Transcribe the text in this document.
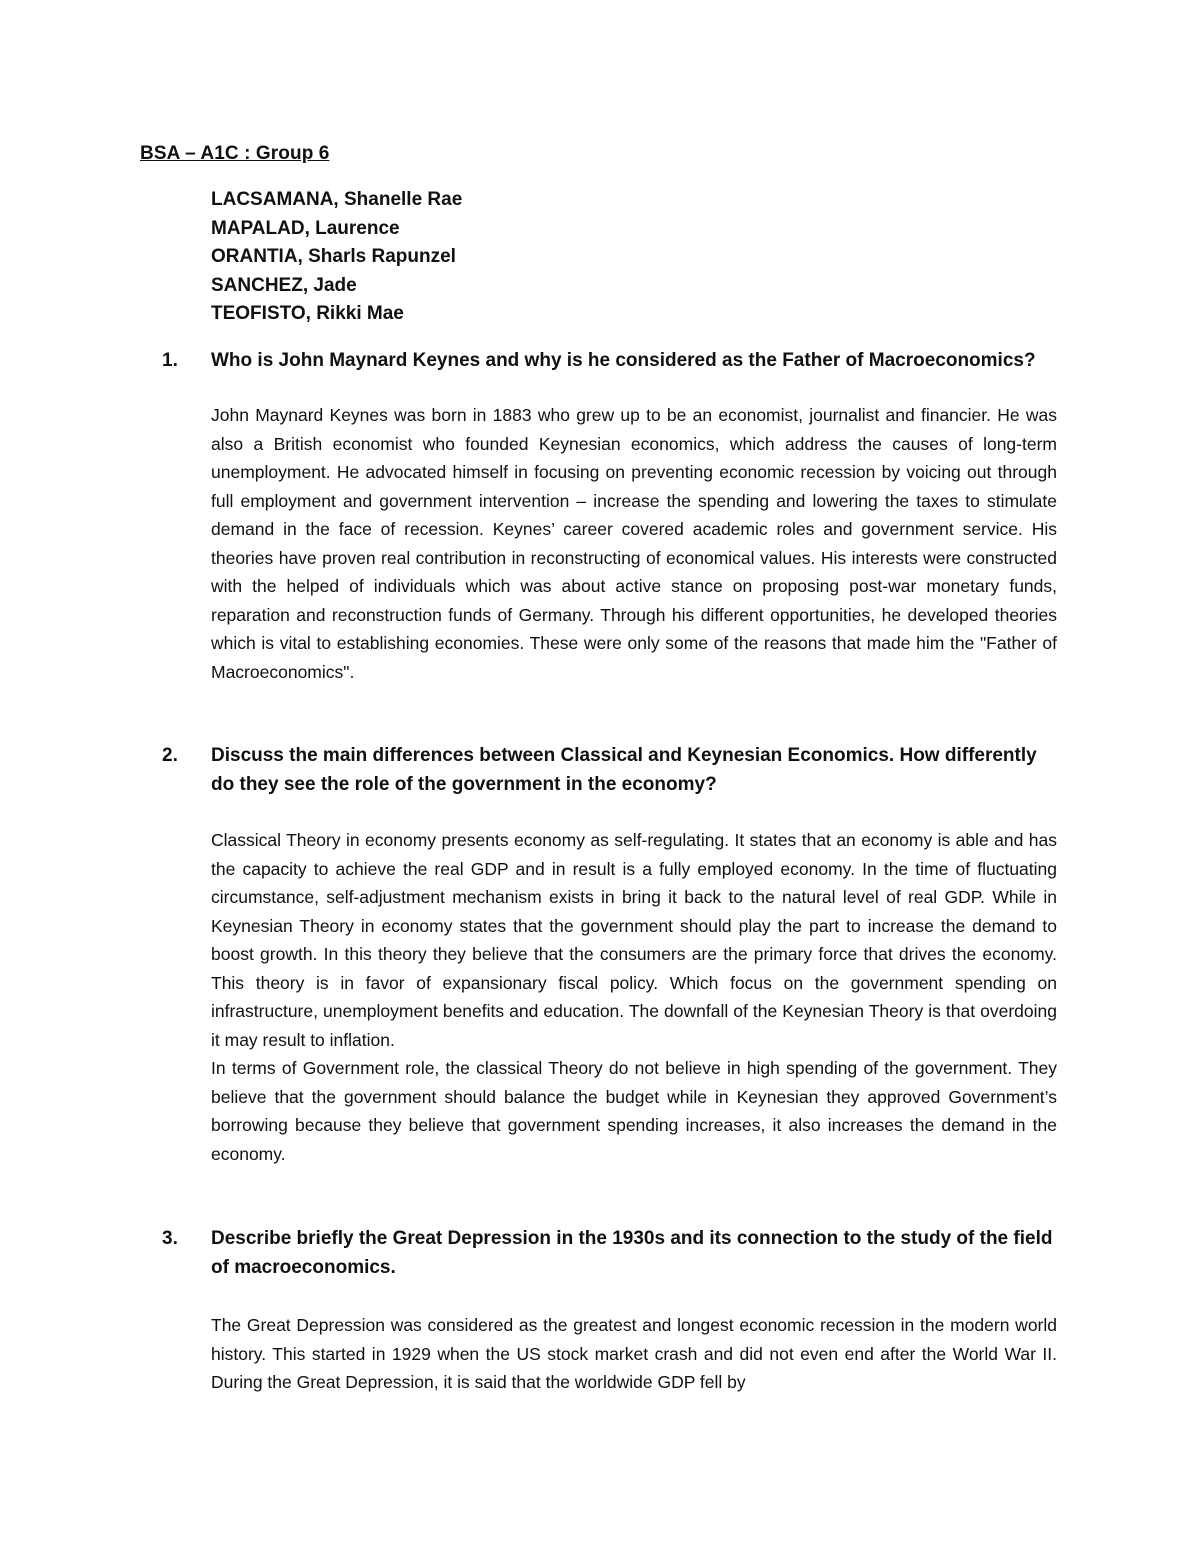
BSA – A1C : Group 6
LACSAMANA, Shanelle Rae
MAPALAD, Laurence
ORANTIA, Sharls Rapunzel
SANCHEZ, Jade
TEOFISTO, Rikki Mae
1. Who is John Maynard Keynes and why is he considered as the Father of Macroeconomics?

John Maynard Keynes was born in 1883 who grew up to be an economist, journalist and financier. He was also a British economist who founded Keynesian economics, which address the causes of long-term unemployment. He advocated himself in focusing on preventing economic recession by voicing out through full employment and government intervention – increase the spending and lowering the taxes to stimulate demand in the face of recession. Keynes’ career covered academic roles and government service. His theories have proven real contribution in reconstructing of economical values. His interests were constructed with the helped of individuals which was about active stance on proposing post-war monetary funds, reparation and reconstruction funds of Germany. Through his different opportunities, he developed theories which is vital to establishing economies. These were only some of the reasons that made him the "Father of Macroeconomics".

2. Discuss the main differences between Classical and Keynesian Economics. How differently do they see the role of the government in the economy?

Classical Theory in economy presents economy as self-regulating. It states that an economy is able and has the capacity to achieve the real GDP and in result is a fully employed economy. In the time of fluctuating circumstance, self-adjustment mechanism exists in bring it back to the natural level of real GDP. While in Keynesian Theory in economy states that the government should play the part to increase the demand to boost growth. In this theory they believe that the consumers are the primary force that drives the economy. This theory is in favor of expansionary fiscal policy. Which focus on the government spending on infrastructure, unemployment benefits and education. The downfall of the Keynesian Theory is that overdoing it may result to inflation.

In terms of Government role, the classical Theory do not believe in high spending of the government. They believe that the government should balance the budget while in Keynesian they approved Government’s borrowing because they believe that government spending increases, it also increases the demand in the economy.

3. Describe briefly the Great Depression in the 1930s and its connection to the study of the field of macroeconomics.

The Great Depression was considered as the greatest and longest economic recession in the modern world history. This started in 1929 when the US stock market crash and did not even end after the World War II. During the Great Depression, it is said that the worldwide GDP fell by
